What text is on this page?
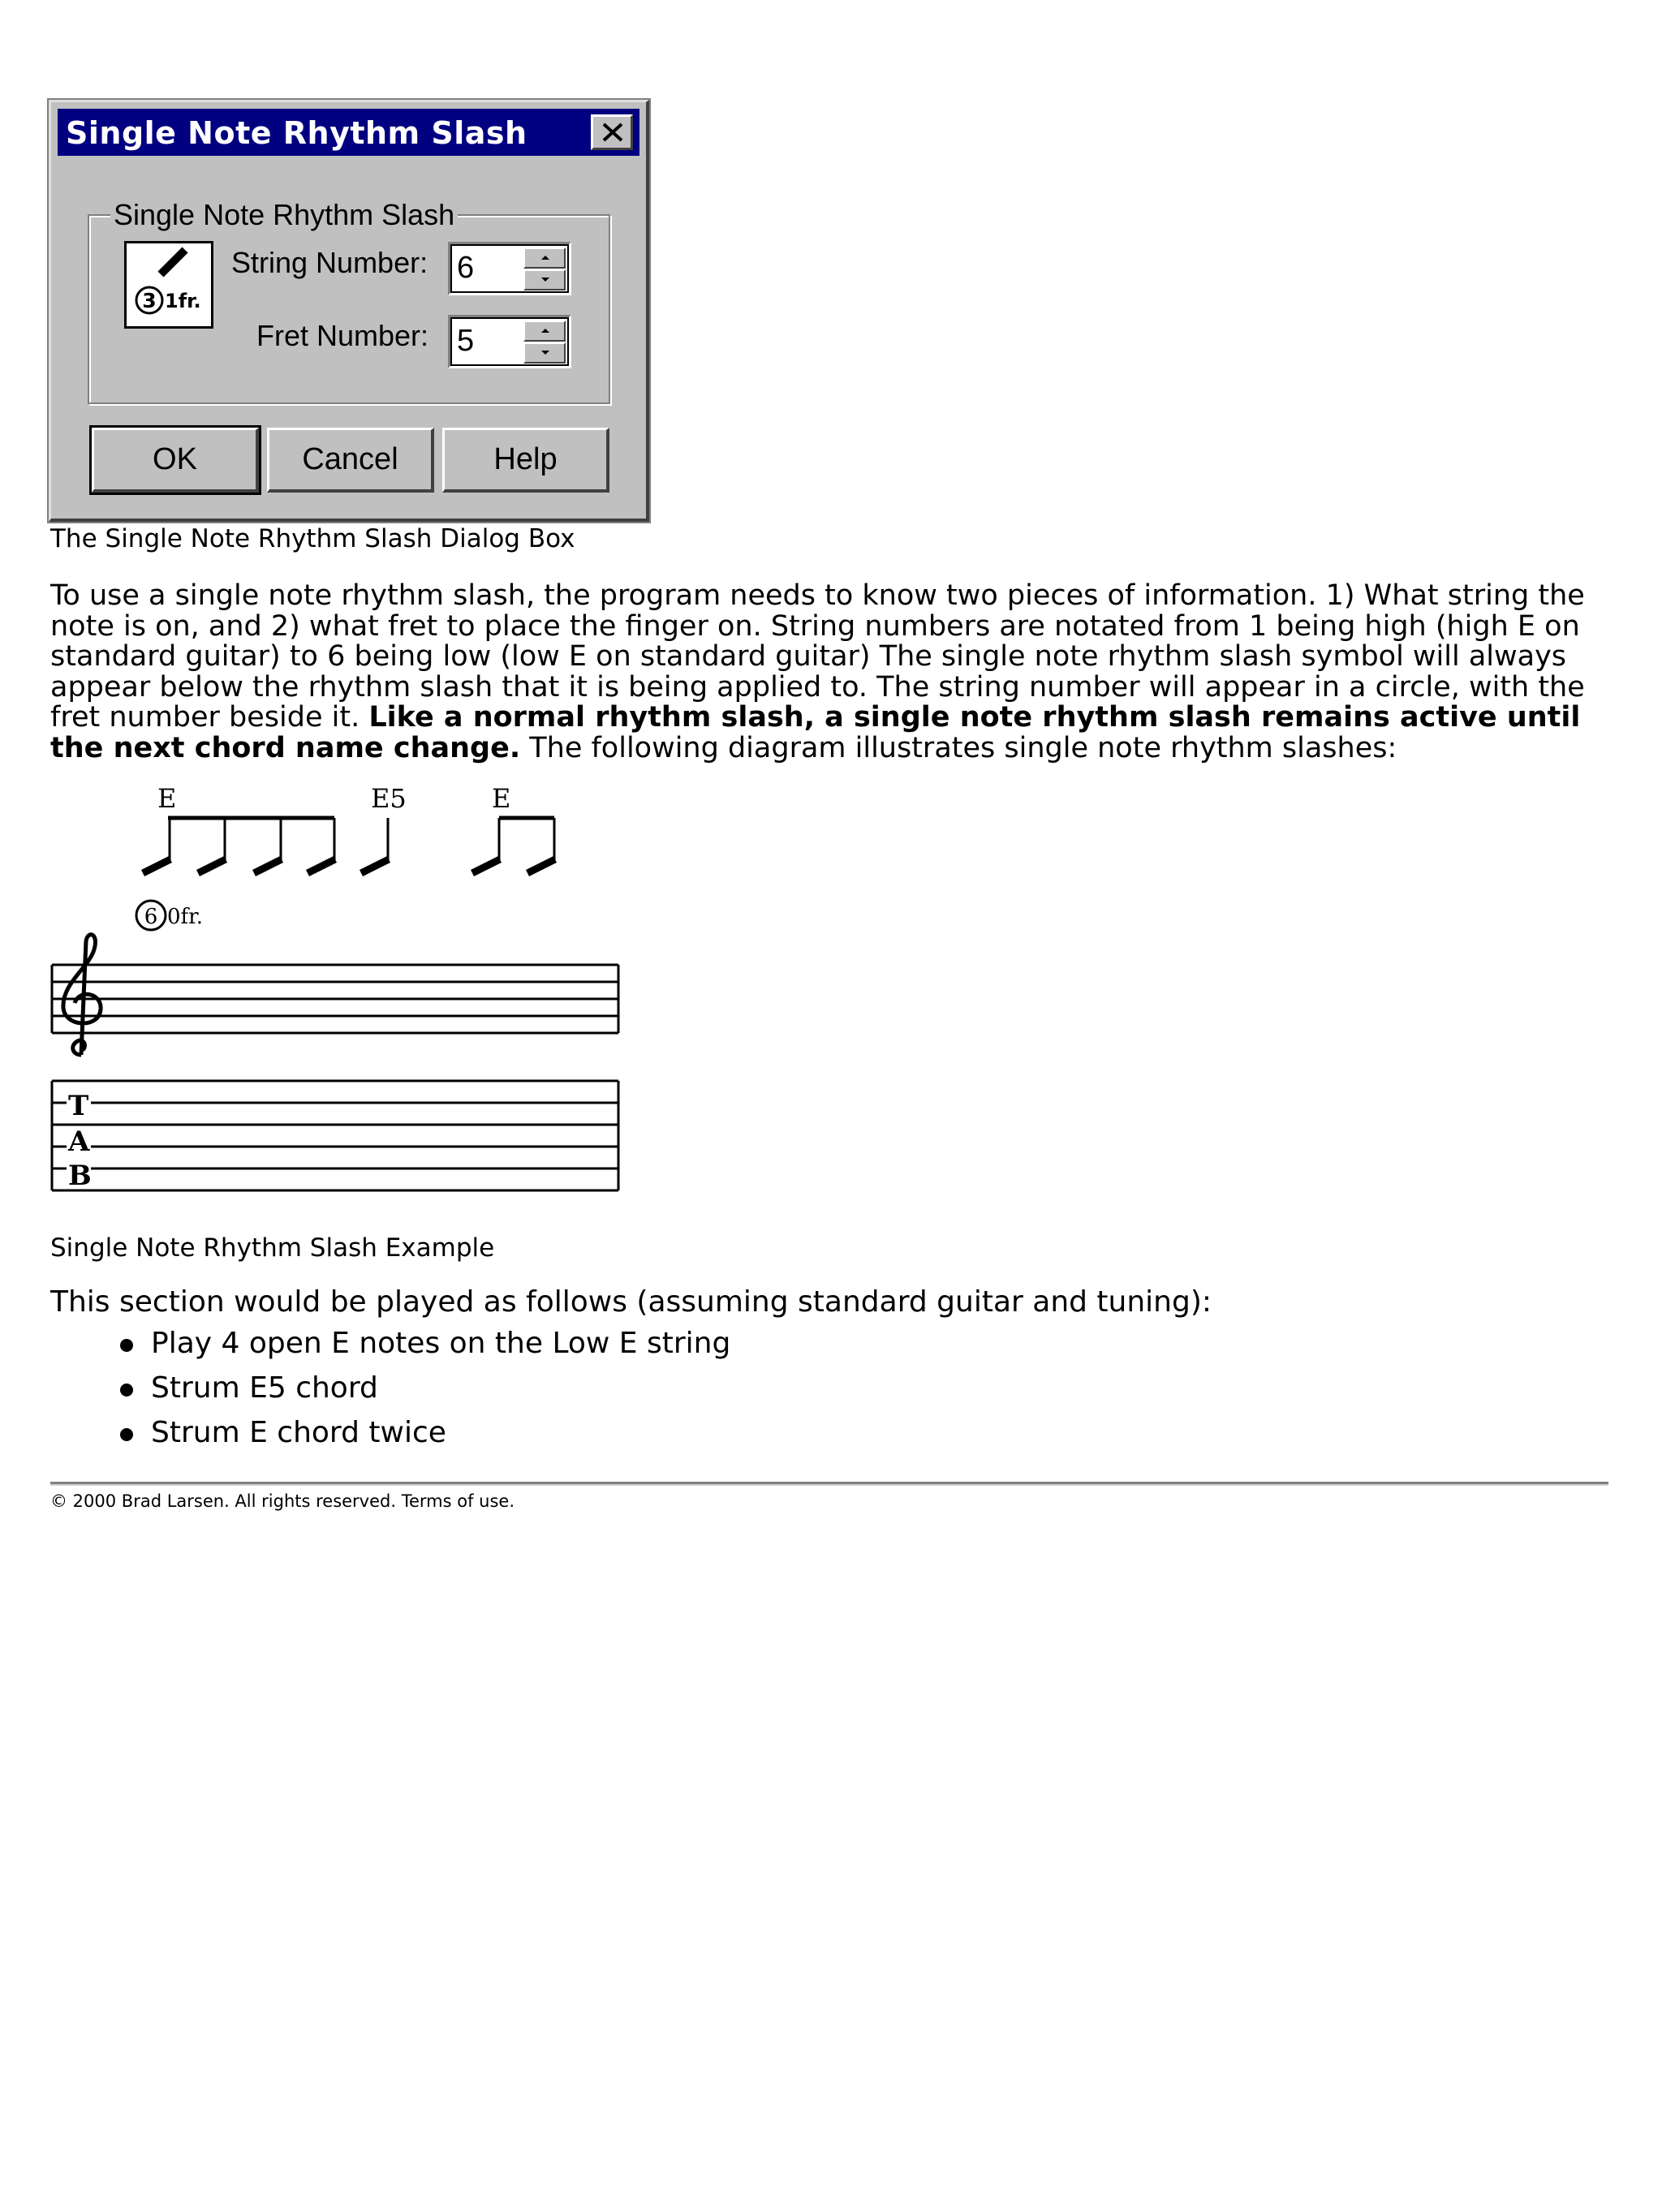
Single Note Rhythm Slash
Single Note Rhythm Slash
3 1fr.
String Number: 6
Fret Number: 5
OK	Cancel	Help
The Single Note Rhythm Slash Dialog Box

To use a single note rhythm slash, the program needs to know two pieces of information. 1) What string the note is on, and 2) what fret to place the finger on. String numbers are notated from 1 being high (high E on standard guitar) to 6 being low (low E on standard guitar) The single note rhythm slash symbol will always appear below the rhythm slash that it is being applied to. The string number will appear in a circle, with the fret number beside it. Like a normal rhythm slash, a single note rhythm slash remains active until the next chord name change. The following diagram illustrates single note rhythm slashes:

E	E5	E
6 0fr.
T
A
B
Single Note Rhythm Slash Example
This section would be played as follows (assuming standard guitar and tuning):
Play 4 open E notes on the Low E string
Strum E5 chord
Strum E chord twice
© 2000 Brad Larsen. All rights reserved. Terms of use.
